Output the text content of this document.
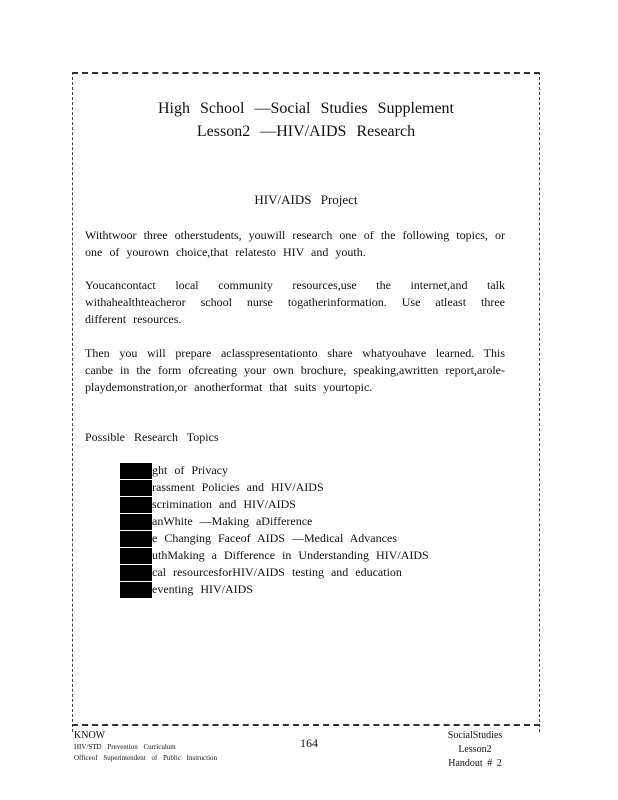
High School —Social Studies Supplement
Lesson2 —HIV/AIDS Research
HIV/AIDS Project

Withtwoor three otherstudents, youwill research one of the following topics, or one of yourown choice,that relatesto HIV and youth.

Youcancontact local community resources,use the internet,and talk withahealthteacheror school nurse togatherinformation. Use atleast three different resources.

Then you will prepare aclasspresentationto share whatyouhave learned. This canbe in the form ofcreating your own brochure, speaking,awritten report,arole-playdemonstration,or anotherformat that suits yourtopic.

Possible Research Topics
ght of Privacy
rassment Policies and HIV/AIDS
scrimination and HIV/AIDS
anWhite —Making aDifference
e Changing Faceof AIDS —Medical Advances
uthMaking a Difference in Understanding HIV/AIDS
cal resourcesforHIV/AIDS testing and education
eventing HIV/AIDS
KNOW
HIV/STD Prevention Curriculum
Officeof Superintendent of Public Instruction
164
SocialStudies
Lesson2
Handout # 2
